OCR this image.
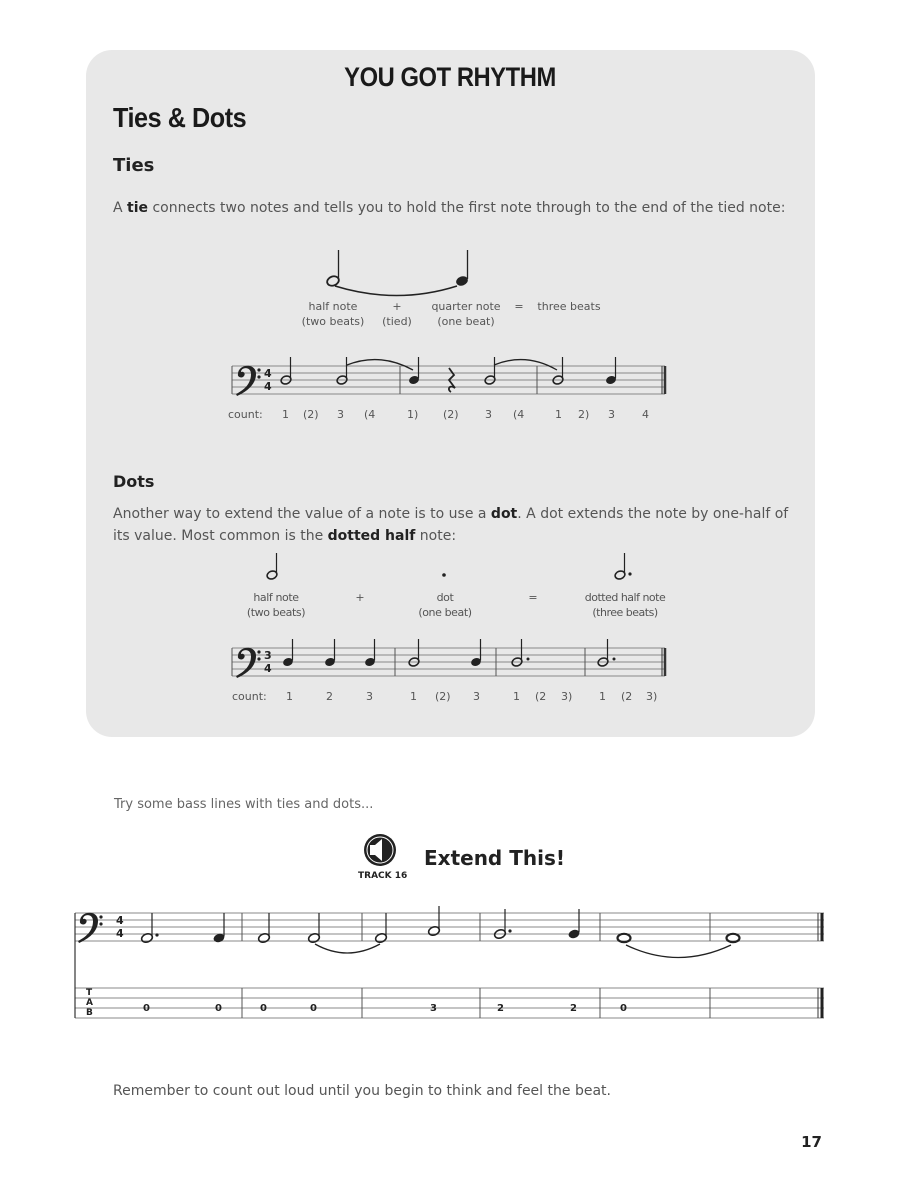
YOU GOT RHYTHM
Ties & Dots
Ties
A tie connects two notes and tells you to hold the first note through to the end of the tied note:
half note
(two beats)
+
(tied)
quarter note
(one beat)
=	three beats
4
4
count: 1 (2) 3 (4	1) (2) 3 (4	1 2) 3 4
Dots
Another way to extend the value of a note is to use a dot. A dot extends the note by one-half of its value. Most common is the dotted half note:
half note
(two beats)
+	dot
(one beat)
=	dotted half note
(three beats)
3
4
count: 1	2	3	1 (2) 3	1 (2 3) 1 (2 3)
Try some bass lines with ties and dots...
TRACK 16
Extend This!
4
4
T
A
B	0	0	0	0	3	2	2	0
Remember to count out loud until you begin to think and feel the beat.
17
